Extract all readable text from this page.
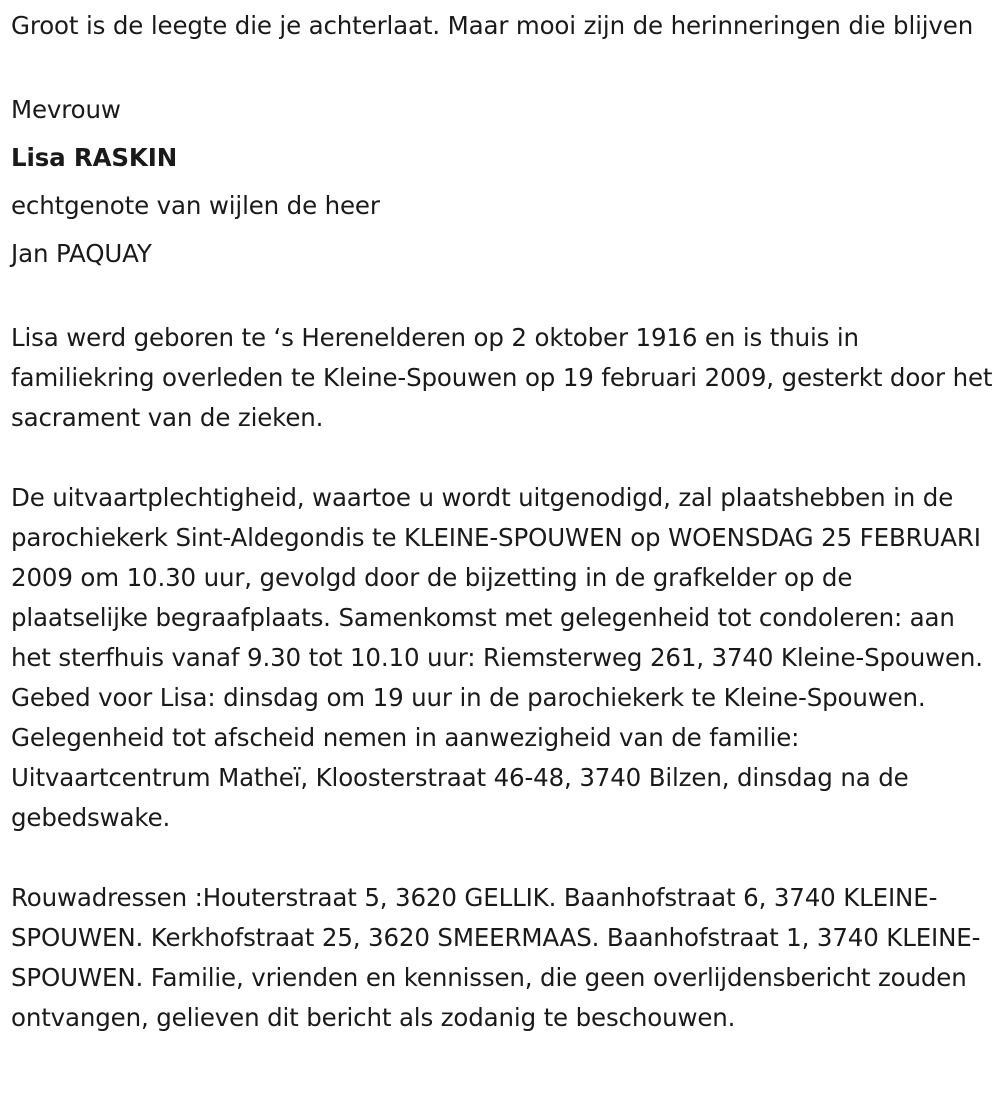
Groot is de leegte die je achterlaat. Maar mooi zijn de herinneringen die blijven

Mevrouw

Lisa RASKIN

echtgenote van wijlen de heer

Jan PAQUAY

Lisa werd geboren te ‘s Herenelderen op 2 oktober 1916 en is thuis in familiekring overleden te Kleine-Spouwen op 19 februari 2009, gesterkt door het sacrament van de zieken.

De uitvaartplechtigheid, waartoe u wordt uitgenodigd, zal plaatshebben in de parochiekerk Sint-Aldegondis te KLEINE-SPOUWEN op WOENSDAG 25 FEBRUARI 2009 om 10.30 uur, gevolgd door de bijzetting in de grafkelder op de plaatselijke begraafplaats. Samenkomst met gelegenheid tot condoleren: aan het sterfhuis vanaf 9.30 tot 10.10 uur: Riemsterweg 261, 3740 Kleine-Spouwen. Gebed voor Lisa: dinsdag om 19 uur in de parochiekerk te Kleine-Spouwen. Gelegenheid tot afscheid nemen in aanwezigheid van de familie: Uitvaartcentrum Matheï, Kloosterstraat 46-48, 3740 Bilzen, dinsdag na de gebedswake.

Rouwadressen :Houterstraat 5, 3620 GELLIK. Baanhofstraat 6, 3740 KLEINE-SPOUWEN. Kerkhofstraat 25, 3620 SMEERMAAS. Baanhofstraat 1, 3740 KLEINE-SPOUWEN. Familie, vrienden en kennissen, die geen overlijdensbericht zouden ontvangen, gelieven dit bericht als zodanig te beschouwen.
